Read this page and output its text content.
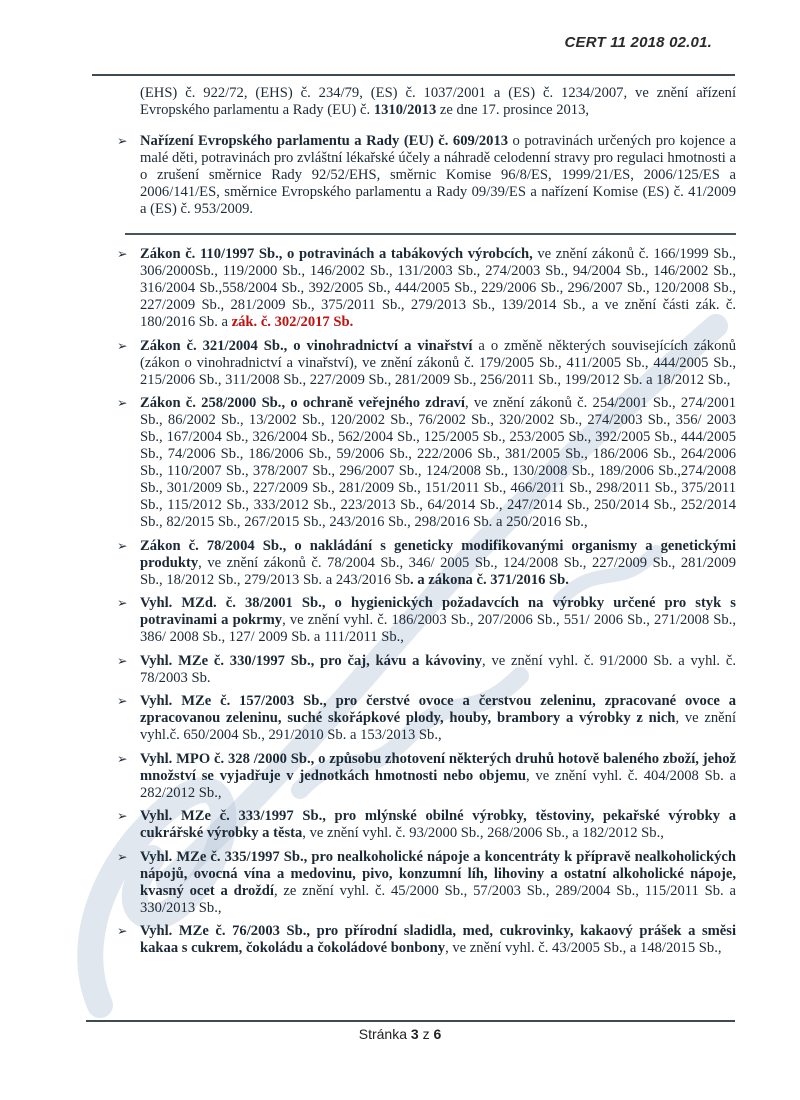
CERT 11 2018 02.01.
(EHS) č. 922/72, (EHS) č. 234/79, (ES) č. 1037/2001 a (ES) č. 1234/2007, ve znění ařízení Evropského parlamentu a Rady (EU) č. 1310/2013 ze dne 17. prosince 2013,
➢ Nařízení Evropského parlamentu a Rady (EU) č. 609/2013 o potravinách určených pro kojence a malé děti, potravinách pro zvláštní lékařské účely a náhradě celodenní stravy pro regulaci hmotnosti a o zrušení směrnice Rady 92/52/EHS, směrnic Komise 96/8/ES, 1999/21/ES, 2006/125/ES a 2006/141/ES, směrnice Evropského parlamentu a Rady 09/39/ES a nařízení Komise (ES) č. 41/2009 a (ES) č. 953/2009.
➢ Zákon č. 110/1997 Sb., o potravinách a tabákových výrobcích, ve znění zákonů č. 166/1999 Sb., 306/2000Sb., 119/2000 Sb., 146/2002 Sb., 131/2003 Sb., 274/2003 Sb., 94/2004 Sb., 146/2002 Sb., 316/2004 Sb.,558/2004 Sb., 392/2005 Sb., 444/2005 Sb., 229/2006 Sb., 296/2007 Sb., 120/2008 Sb., 227/2009 Sb., 281/2009 Sb., 375/2011 Sb., 279/2013 Sb., 139/2014 Sb., a ve znění části zák. č. 180/2016 Sb. a zák. č. 302/2017 Sb.
➢ Zákon č. 321/2004 Sb., o vinohradnictví a vinařství a o změně některých souvisejících zákonů (zákon o vinohradnictví a vinařství), ve znění zákonů č. 179/2005 Sb., 411/2005 Sb., 444/2005 Sb., 215/2006 Sb., 311/2008 Sb., 227/2009 Sb., 281/2009 Sb., 256/2011 Sb., 199/2012 Sb. a 18/2012 Sb.,
➢ Zákon č. 258/2000 Sb., o ochraně veřejného zdraví, ve znění zákonů č. 254/2001 Sb., 274/2001 Sb., 86/2002 Sb., 13/2002 Sb., 120/2002 Sb., 76/2002 Sb., 320/2002 Sb., 274/2003 Sb., 356/ 2003 Sb., 167/2004 Sb., 326/2004 Sb., 562/2004 Sb., 125/2005 Sb., 253/2005 Sb., 392/2005 Sb., 444/2005 Sb., 74/2006 Sb., 186/2006 Sb., 59/2006 Sb., 222/2006 Sb., 381/2005 Sb., 186/2006 Sb., 264/2006 Sb., 110/2007 Sb., 378/2007 Sb., 296/2007 Sb., 124/2008 Sb., 130/2008 Sb., 189/2006 Sb.,274/2008 Sb., 301/2009 Sb., 227/2009 Sb., 281/2009 Sb., 151/2011 Sb., 466/2011 Sb., 298/2011 Sb., 375/2011 Sb., 115/2012 Sb., 333/2012 Sb., 223/2013 Sb., 64/2014 Sb., 247/2014 Sb., 250/2014 Sb., 252/2014 Sb., 82/2015 Sb., 267/2015 Sb., 243/2016 Sb., 298/2016 Sb. a 250/2016 Sb.,
➢ Zákon č. 78/2004 Sb., o nakládání s geneticky modifikovanými organismy a genetickými produkty, ve znění zákonů č. 78/2004 Sb., 346/ 2005 Sb., 124/2008 Sb., 227/2009 Sb., 281/2009 Sb., 18/2012 Sb., 279/2013 Sb. a 243/2016 Sb. a zákona č. 371/2016 Sb.
➢ Vyhl. MZd. č. 38/2001 Sb., o hygienických požadavcích na výrobky určené pro styk s potravinami a pokrmy, ve znění vyhl. č. 186/2003 Sb., 207/2006 Sb., 551/ 2006 Sb., 271/2008 Sb., 386/ 2008 Sb., 127/ 2009 Sb. a 111/2011 Sb.,
➢ Vyhl. MZe č. 330/1997 Sb., pro čaj, kávu a kávoviny, ve znění vyhl. č. 91/2000 Sb. a vyhl. č. 78/2003 Sb.
➢ Vyhl. MZe č. 157/2003 Sb., pro čerstvé ovoce a čerstvou zeleninu, zpracované ovoce a zpracovanou zeleninu, suché skořápkové plody, houby, brambory a výrobky z nich, ve znění vyhl.č. 650/2004 Sb., 291/2010 Sb. a 153/2013 Sb.,
➢ Vyhl. MPO č. 328 /2000 Sb., o způsobu zhotovení některých druhů hotově baleného zboží, jehož množství se vyjadřuje v jednotkách hmotnosti nebo objemu, ve znění vyhl. č. 404/2008 Sb. a 282/2012 Sb.,
➢ Vyhl. MZe č. 333/1997 Sb., pro mlýnské obilné výrobky, těstoviny, pekařské výrobky a cukrářské výrobky a těsta, ve znění vyhl. č. 93/2000 Sb., 268/2006 Sb., a 182/2012 Sb.,
➢ Vyhl. MZe č. 335/1997 Sb., pro nealkoholické nápoje a koncentráty k přípravě nealkoholických nápojů, ovocná vína a medovinu, pivo, konzumní líh, lihoviny a ostatní alkoholické nápoje, kvasný ocet a droždí, ze znění vyhl. č. 45/2000 Sb., 57/2003 Sb., 289/2004 Sb., 115/2011 Sb. a 330/2013 Sb.,
➢ Vyhl. MZe č. 76/2003 Sb., pro přírodní sladidla, med, cukrovinky, kakaový prášek a směsi kakaa s cukrem, čokoládu a čokoládové bonbony, ve znění vyhl. č. 43/2005 Sb., a 148/2015 Sb.,
Stránka 3 z 6
